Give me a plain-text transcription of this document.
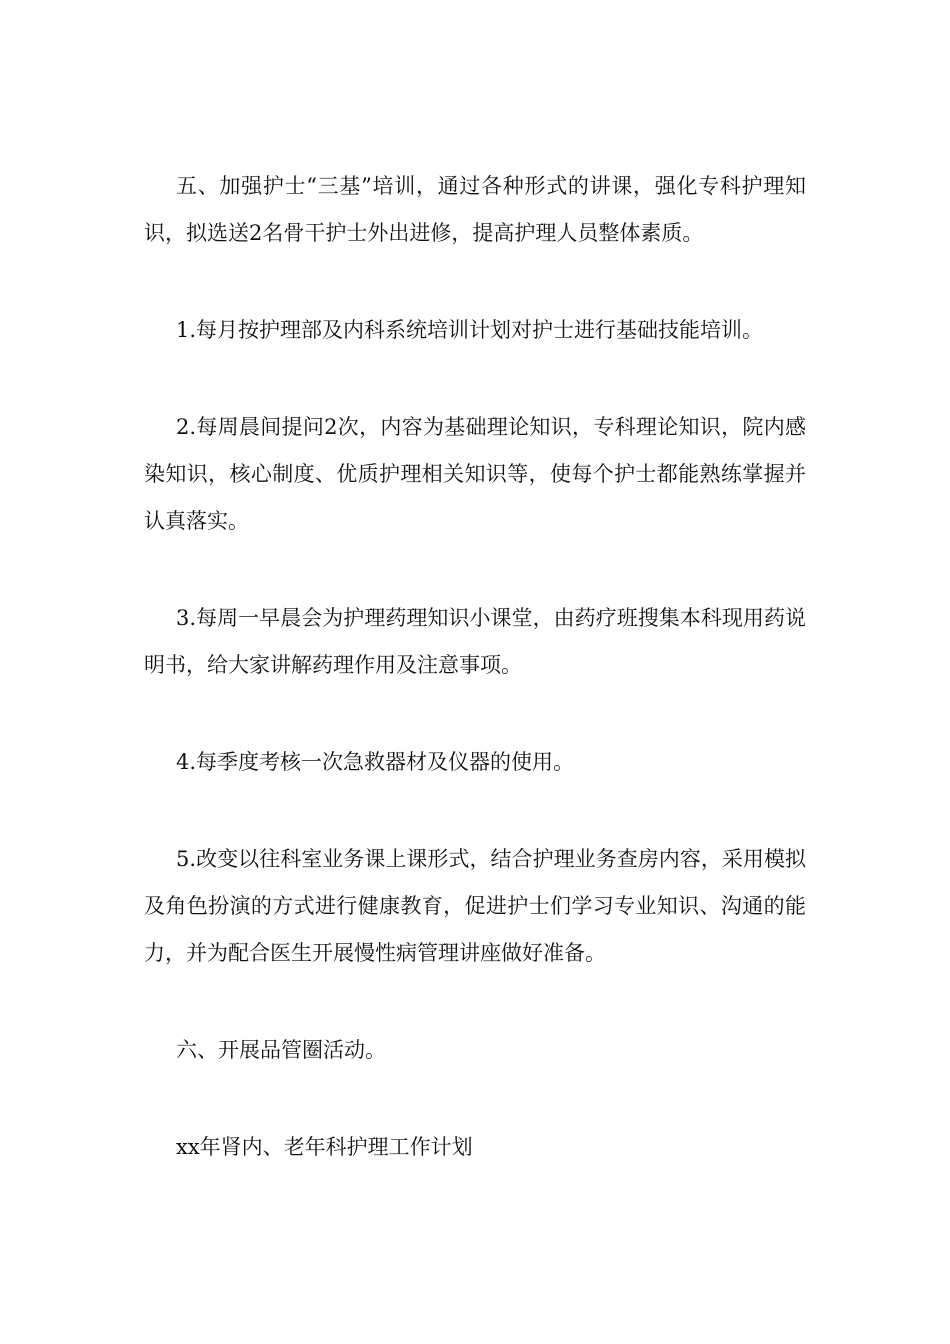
五、加强护士“三基”培训，通过各种形式的讲课，强化专科护理知识，拟选送2名骨干护士外出进修，提高护理人员整体素质。

1.每月按护理部及内科系统培训计划对护士进行基础技能培训。

2.每周晨间提问2次，内容为基础理论知识，专科理论知识，院内感染知识，核心制度、优质护理相关知识等，使每个护士都能熟练掌握并认真落实。

3.每周一早晨会为护理药理知识小课堂，由药疗班搜集本科现用药说明书，给大家讲解药理作用及注意事项。

4.每季度考核一次急救器材及仪器的使用。

5.改变以往科室业务课上课形式，结合护理业务查房内容，采用模拟及角色扮演的方式进行健康教育，促进护士们学习专业知识、沟通的能力，并为配合医生开展慢性病管理讲座做好准备。

六、开展品管圈活动。

xx年肾内、老年科护理工作计划
